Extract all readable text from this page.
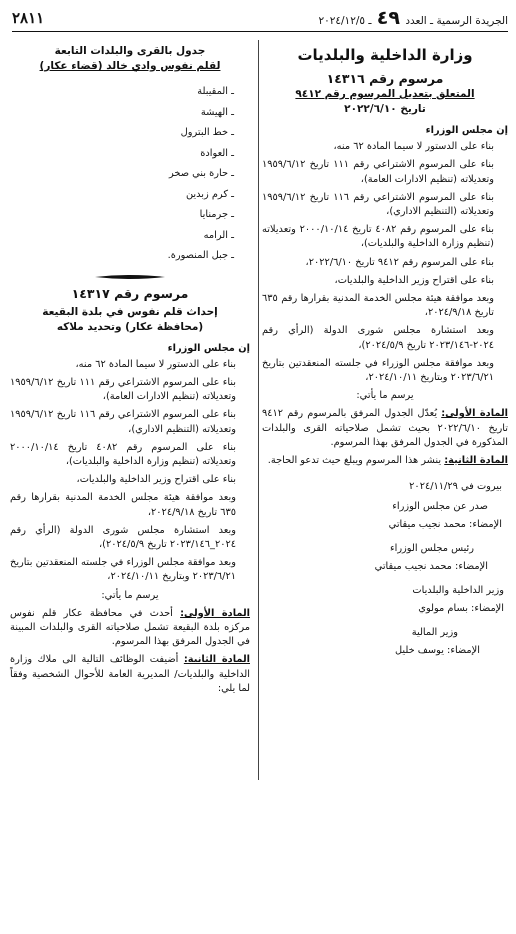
الجريدة الرسمية ـ العدد ٤٩ ـ ٢٠٢٤/١٢/٥
٢٨١١
وزارة الداخلية والبلديات
مرسوم رقم ١٤٣١٦
المتعلق بتعديل المرسوم رقم ٩٤١٢
تاريخ ٢٠٢٢/٦/١٠
إن مجلس الوزراء

بناء على الدستور لا سيما المادة ٦٢ منه،

بناء على المرسوم الاشتراعي رقم ١١١ تاريخ ١٩٥٩/٦/١٢ وتعديلاته (تنظيم الادارات العامة)،

بناء على المرسوم الاشتراعي رقم ١١٦ تاريخ ١٩٥٩/٦/١٢ وتعديلاته (التنظيم الاداري)،

بناء على المرسوم رقم ٤٠٨٢ تاريخ ٢٠٠٠/١٠/١٤ وتعديلاته (تنظيم وزارة الداخلية والبلديات)،

بناء على المرسوم رقم ٩٤١٢ تاريخ ٢٠٢٢/٦/١٠،

بناء على اقتراح وزير الداخلية والبلديات،

وبعد موافقة هيئة مجلس الخدمة المدنية بقرارها رقم ٦٣٥ تاريخ ٢٠٢٤/٩/١٨،

وبعد استشارة مجلس شورى الدولة (الرأي رقم ٢٠٢٤-٢٠٢٣/١٤٦ تاريخ ٢٠٢٤/٥/٩)،

وبعد موافقة مجلس الوزراء في جلسته المنعقدتين بتاريخ ٢٠٢٣/٦/٢١ وبتاريخ ٢٠٢٤/١٠/١١،

يرسم ما يأتي:

المادة الأولى: يُعدّل الجدول المرفق بالمرسوم رقم ٩٤١٢ تاريخ ٢٠٢٢/٦/١٠ بحيث تشمل صلاحياته القرى والبلدات المذكورة في الجدول المرفق بهذا المرسوم.

المادة الثانية: ينشر هذا المرسوم ويبلغ حيث تدعو الحاجة.

بيروت في ٢٠٢٤/١١/٢٩

صدر عن مجلس الوزراء

الإمضاء: محمد نجيب ميقاتي

رئيس مجلس الوزراء

الإمضاء: محمد نجيب ميقاتي

وزير الداخلية والبلديات

الإمضاء: بسام مولوي

وزير المالية

الإمضاء: يوسف خليل

جدول بالقرى والبلدات التابعة
لقلم نفوس وادي خالد (قضاء عكار)
ـ المقيبلة
ـ الهيشة
ـ خط البترول
ـ العوادة
ـ حارة بني صخر
ـ كرم زبدين
ـ جرمنايا
ـ الرامه
ـ جبل المنصورة.
مرسوم رقم ١٤٣١٧
إحداث قلم نفوس في بلدة البقيعة
(محافظة عكار) وتحديد ملاكه
إن مجلس الوزراء

بناء على الدستور لا سيما المادة ٦٢ منه،

بناء على المرسوم الاشتراعي رقم ١١١ تاريخ ١٩٥٩/٦/١٢ وتعديلاته (تنظيم الادارات العامة)،

بناء على المرسوم الاشتراعي رقم ١١٦ تاريخ ١٩٥٩/٦/١٢ وتعديلاته (التنظيم الاداري)،

بناء على المرسوم رقم ٤٠٨٢ تاريخ ٢٠٠٠/١٠/١٤ وتعديلاته (تنظيم وزارة الداخلية والبلديات)،

بناء على اقتراح وزير الداخلية والبلديات،

وبعد موافقة هيئة مجلس الخدمة المدنية بقرارها رقم ٦٣٥ تاريخ ٢٠٢٤/٩/١٨،

وبعد استشارة مجلس شورى الدولة (الرأي رقم ٢٠٢٤_٢٠٢٣/١٤٦ تاريخ ٢٠٢٤/٥/٩)،

وبعد موافقة مجلس الوزراء في جلسته المنعقدتين بتاريخ ٢٠٢٣/٦/٢١ وبتاريخ ٢٠٢٤/١٠/١١،

يرسم ما يأتي:

المادة الأولى: أحدث في محافظة عكار قلم نفوس مركزه بلدة البقيعة تشمل صلاحياته القرى والبلدات المبينة في الجدول المرفق بهذا المرسوم.

المادة الثانية: أضيفت الوظائف التالية الى ملاك وزارة الداخلية والبلديات/ المديرية العامة للأحوال الشخصية وفقاً لما يلي:
